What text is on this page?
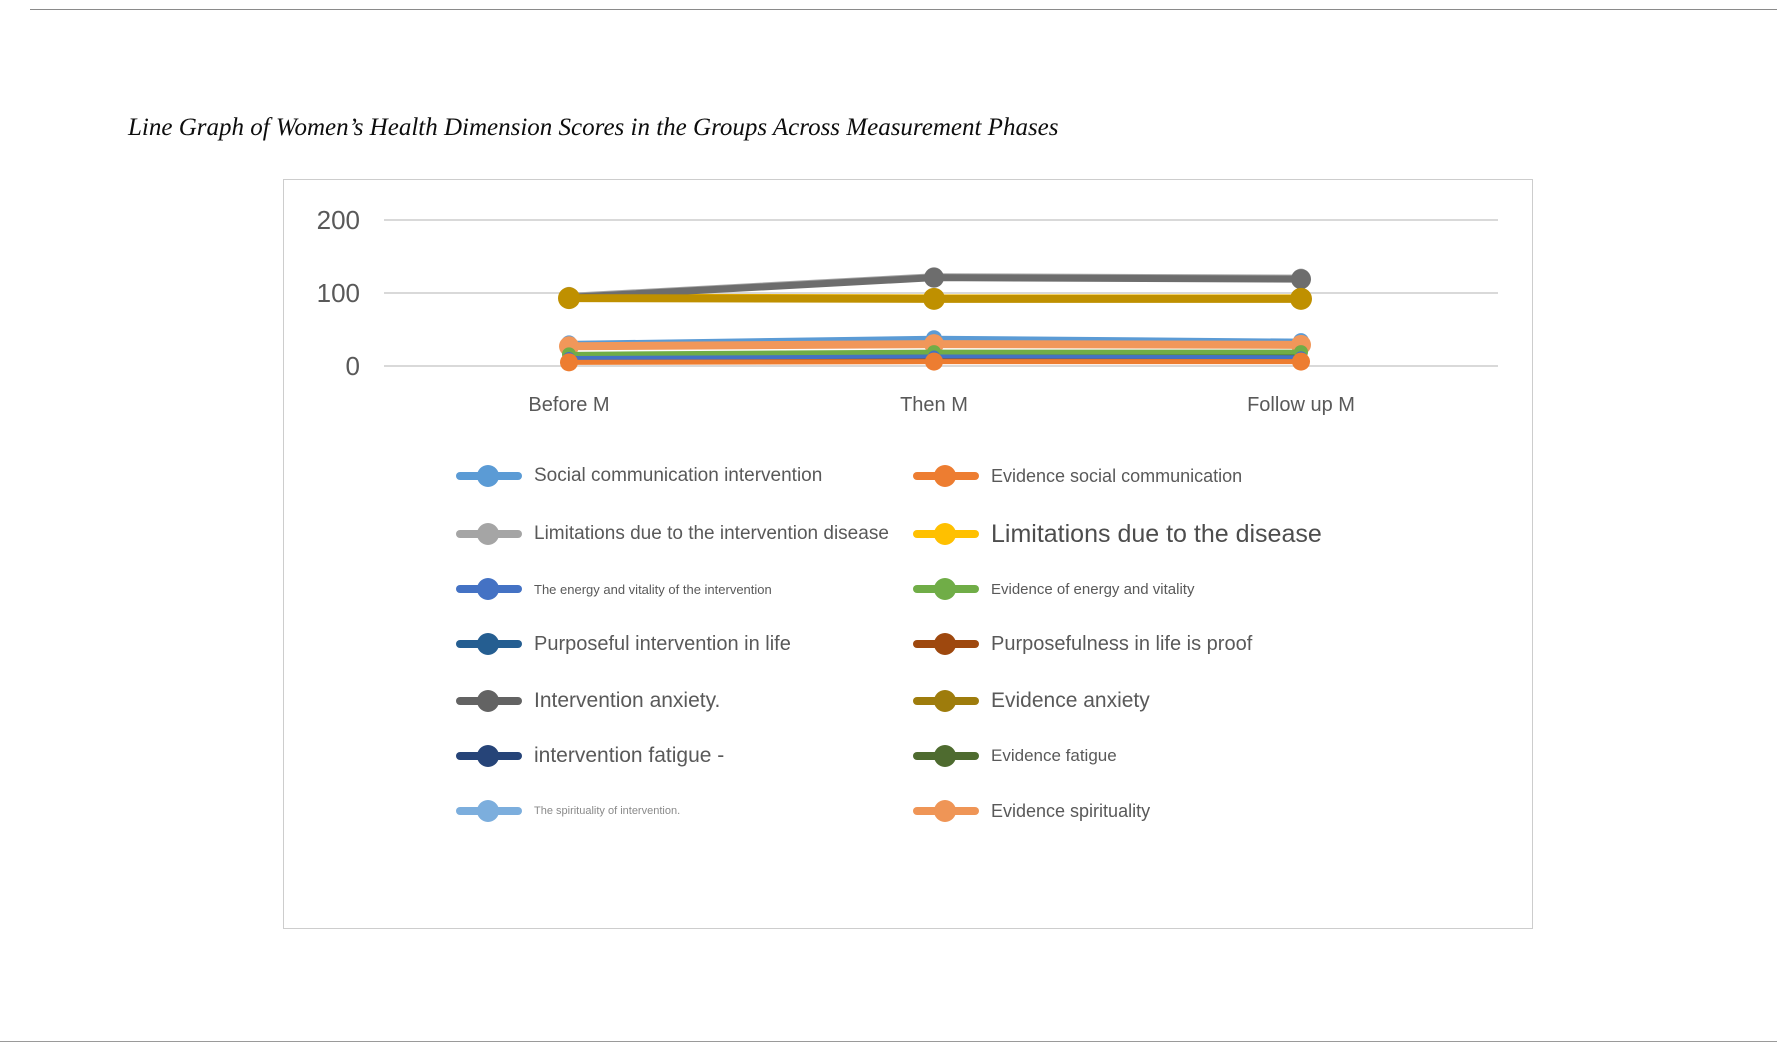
Line Graph of Women’s Health Dimension Scores in the Groups Across Measurement Phases
200
100
0
Before M	Then M	Follow up M
Social communication intervention	Evidence social communication
Limitations due to the intervention disease	Limitations due to the disease
The energy and vitality of the intervention	Evidence of energy and vitality
Purposeful intervention in life	Purposefulness in life is proof
Intervention anxiety.	Evidence anxiety
intervention fatigue -	Evidence fatigue
The spirituality of intervention.	Evidence spirituality
